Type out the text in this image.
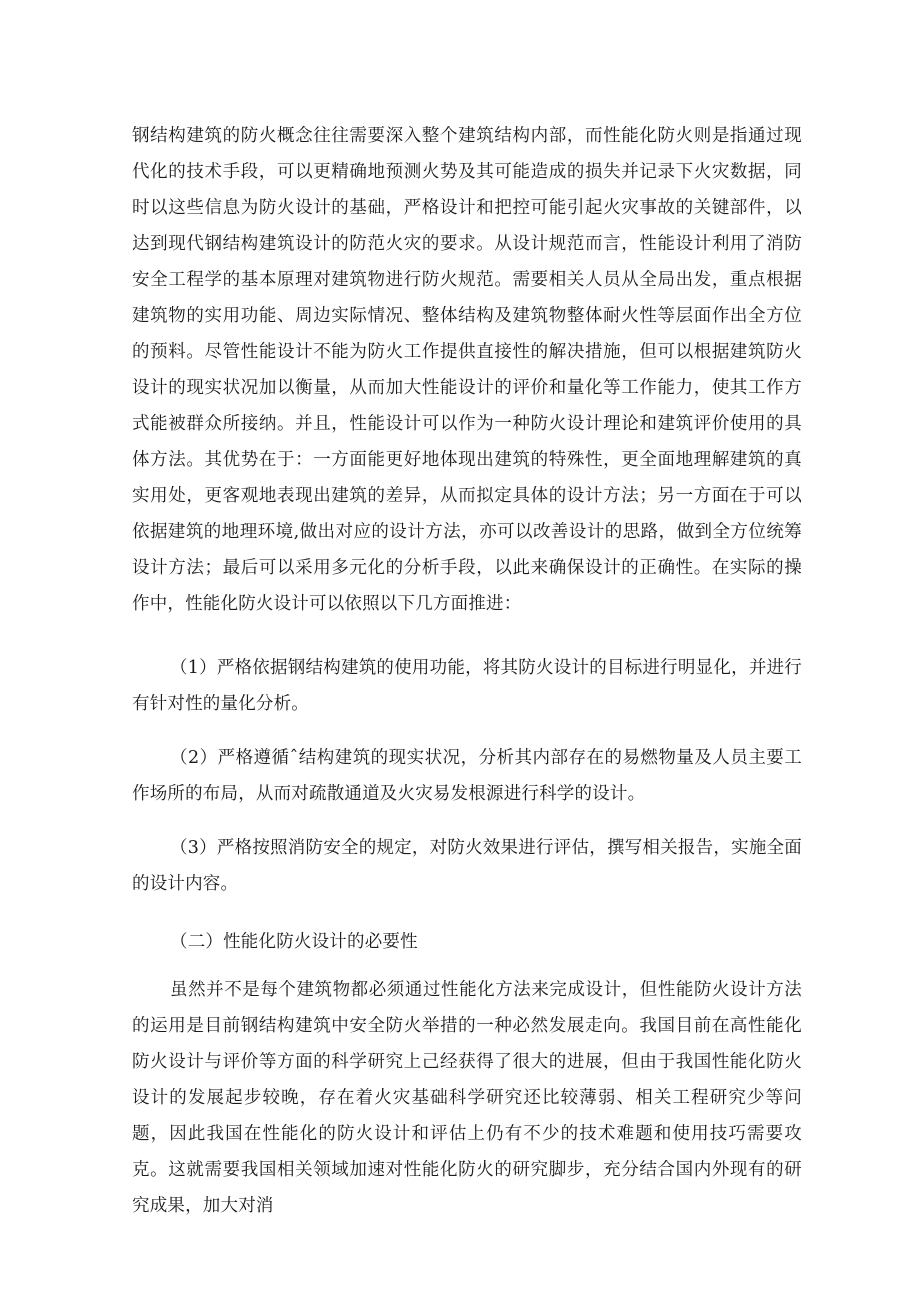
钢结构建筑的防火概念往往需要深入整个建筑结构内部，而性能化防火则是指通过现代化的技术手段，可以更精确地预测火势及其可能造成的损失并记录下火灾数据，同时以这些信息为防火设计的基础，严格设计和把控可能引起火灾事故的关键部件，以达到现代钢结构建筑设计的防范火灾的要求。从设计规范而言，性能设计利用了消防安全工程学的基本原理对建筑物进行防火规范。需要相关人员从全局出发，重点根据建筑物的实用功能、周边实际情况、整体结构及建筑物整体耐火性等层面作出全方位的预料。尽管性能设计不能为防火工作提供直接性的解决措施，但可以根据建筑防火设计的现实状况加以衡量，从而加大性能设计的评价和量化等工作能力，使其工作方式能被群众所接纳。并且，性能设计可以作为一种防火设计理论和建筑评价使用的具体方法。其优势在于：一方面能更好地体现出建筑的特殊性，更全面地理解建筑的真实用处，更客观地表现出建筑的差异，从而拟定具体的设计方法；另一方面在于可以依据建筑的地理环境,做出对应的设计方法，亦可以改善设计的思路，做到全方位统筹设计方法；最后可以采用多元化的分析手段，以此来确保设计的正确性。在实际的操作中，性能化防火设计可以依照以下几方面推进：

（1）严格依据钢结构建筑的使用功能，将其防火设计的目标进行明显化，并进行有针对性的量化分析。

（2）严格遵循ˆ结构建筑的现实状况，分析其内部存在的易燃物量及人员主要工作场所的布局，从而对疏散通道及火灾易发根源进行科学的设计。

（3）严格按照消防安全的规定，对防火效果进行评估，撰写相关报告，实施全面的设计内容。

（二）性能化防火设计的必要性

虽然并不是每个建筑物都必须通过性能化方法来完成设计，但性能防火设计方法的运用是目前钢结构建筑中安全防火举措的一种必然发展走向。我国目前在高性能化防火设计与评价等方面的科学研究上己经获得了很大的进展，但由于我国性能化防火设计的发展起步较晚，存在着火灾基础科学研究还比较薄弱、相关工程研究少等问题，因此我国在性能化的防火设计和评估上仍有不少的技术难题和使用技巧需要攻克。这就需要我国相关领域加速对性能化防火的研究脚步，充分结合国内外现有的研究成果，加大对消
